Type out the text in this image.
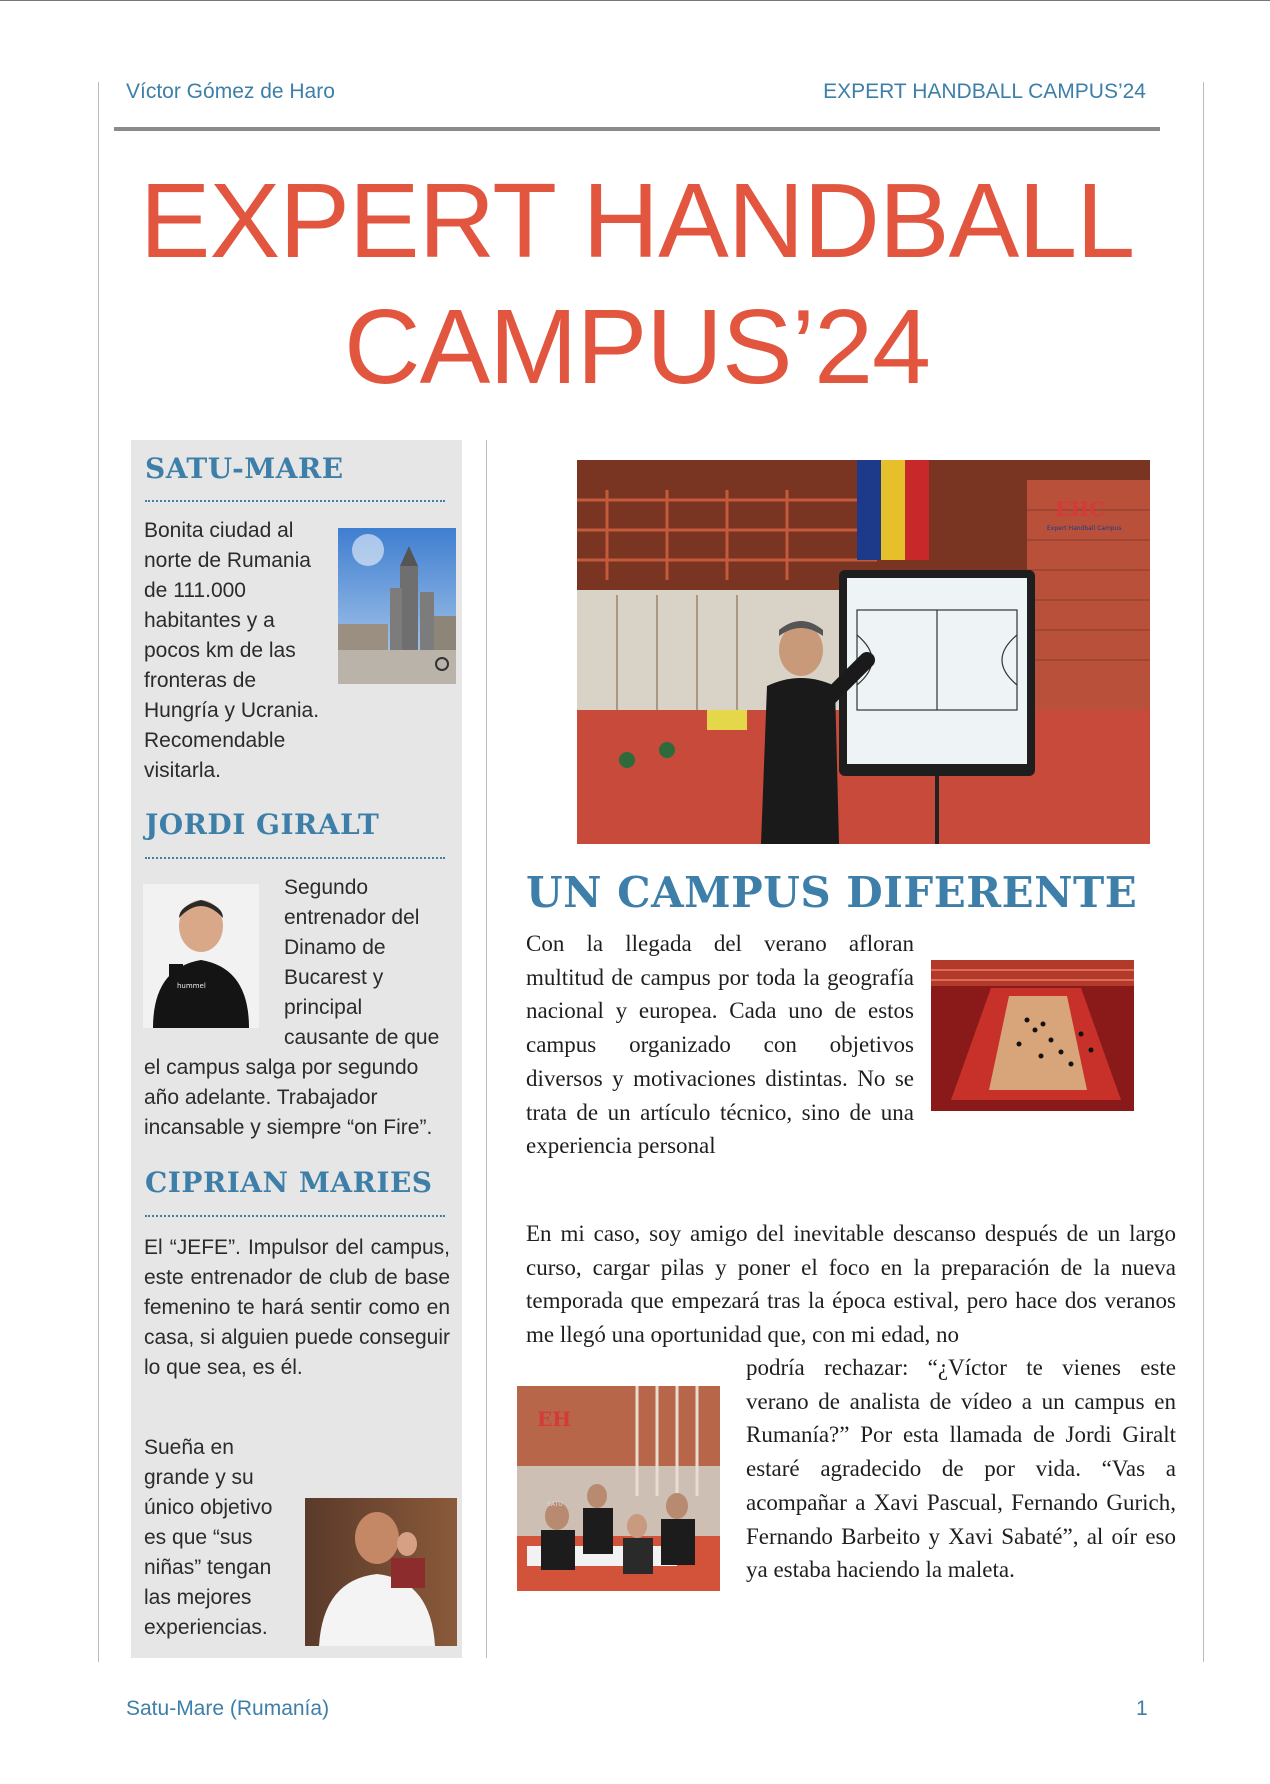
Víctor Gómez de Haro	EXPERT HANDBALL CAMPUS’24
EXPERT HANDBALL
CAMPUS’24
SATU-MARE
Bonita ciudad al norte de Rumania de 111.000 habitantes y a pocos km de las fronteras de Hungría y Ucrania. Recomendable visitarla.
JORDI GIRALT
hummel
Segundo
entrenador del
Dinamo de
Bucarest y
principal
causante de que
el campus salga por segundo año adelante. Trabajador incansable y siempre “on Fire”.
CIPRIAN MARIES
El “JEFE”. Impulsor del campus, este entrenador de club de base femenino te hará sentir como en casa, si alguien puede conseguir lo que sea, es él.
Sueña en grande y su único objetivo es que “sus niñas” tengan las mejores experiencias.
EHC
Expert Handball Campus
UN CAMPUS DIFERENTE
Con la llegada del verano afloran multitud de campus por toda la geografía nacional y europea. Cada uno de estos campus organizado con objetivos diversos y motivaciones distintas. No se trata de un artículo técnico, sino de una experiencia personal
En mi caso, soy amigo del inevitable descanso después de un largo curso, cargar pilas y poner el foco en la preparación de la nueva temporada que empezará tras la época estival, pero hace dos veranos me llegó una oportunidad que, con mi edad, no
EH
SATU
podría rechazar: “¿Víctor te vienes este verano de analista de vídeo a un campus en Rumanía?” Por esta llamada de Jordi Giralt estaré agradecido de por vida. “Vas a acompañar a Xavi Pascual, Fernando Gurich, Fernando Barbeito y Xavi Sabaté”, al oír eso ya estaba haciendo la maleta.
Satu-Mare (Rumanía)	1
